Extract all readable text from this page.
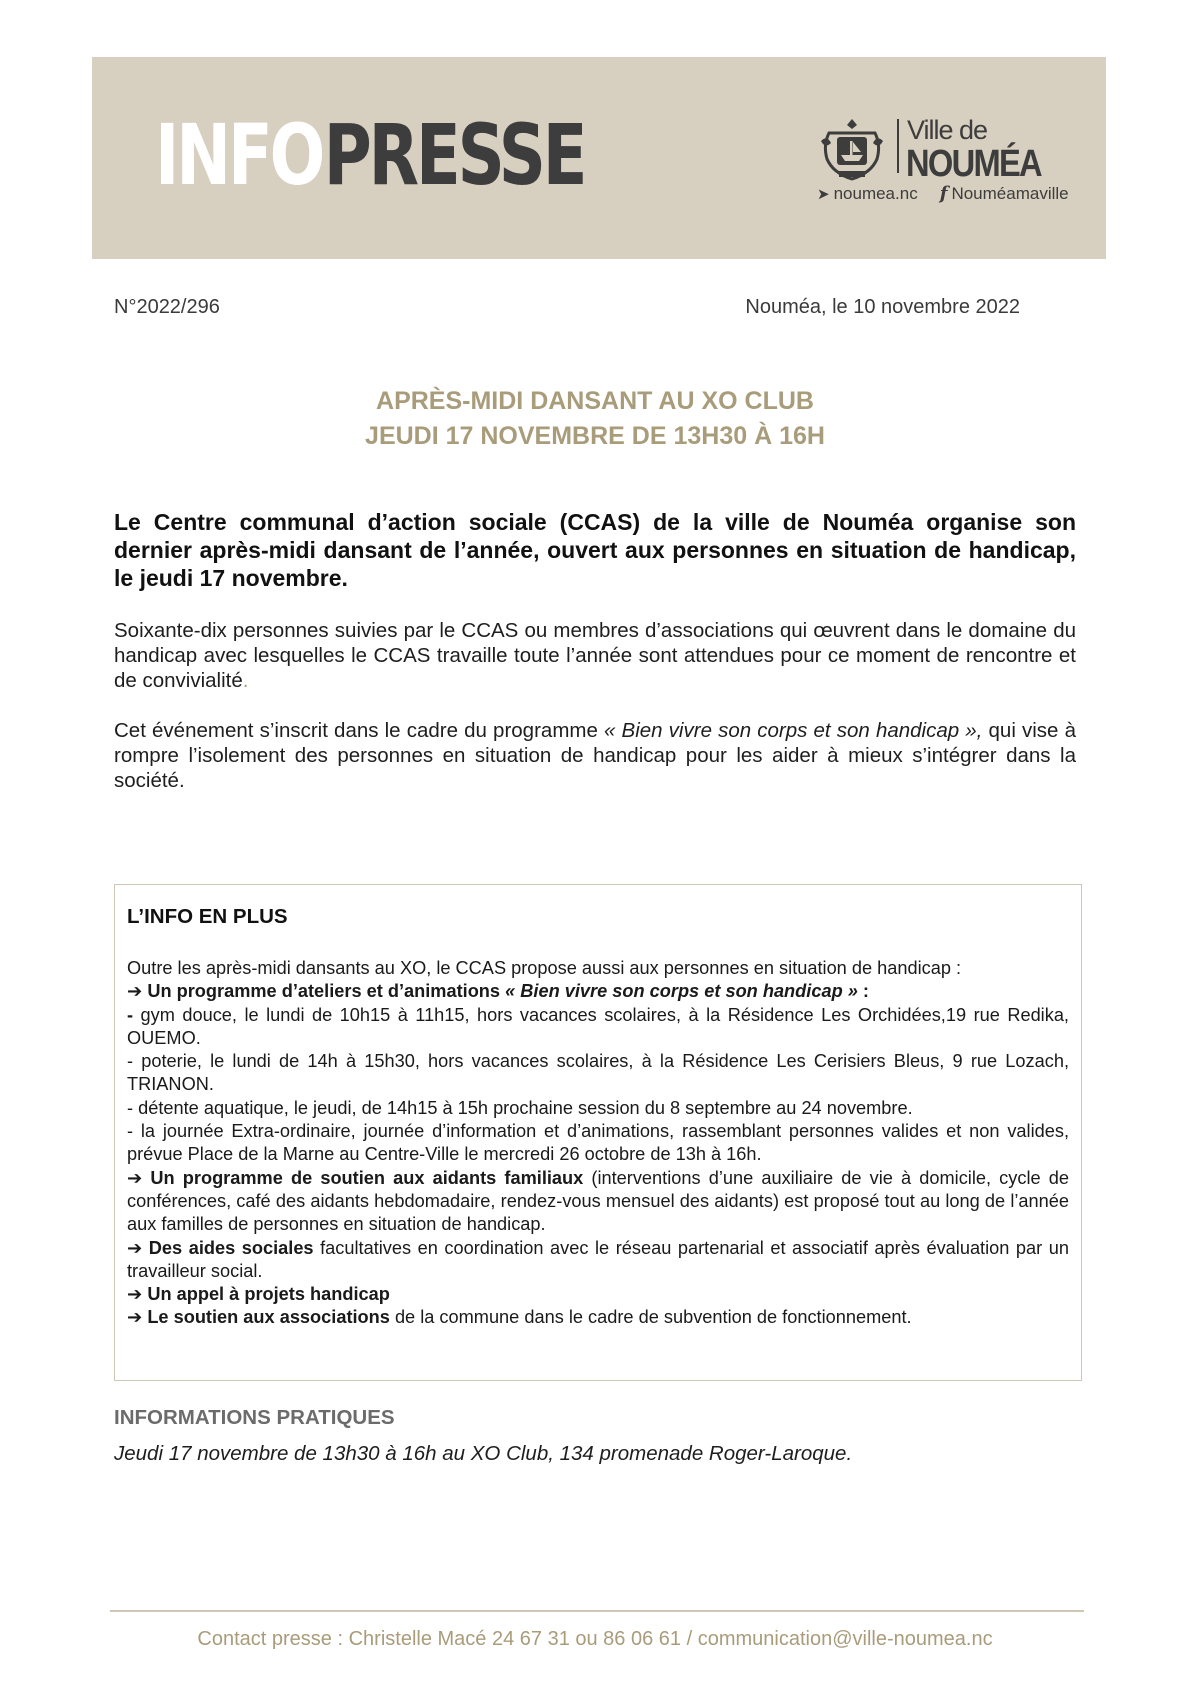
INFOPRESSE	Ville de
NOUMÉA
➤ noumea.nc f Nouméamaville
N°2022/296	Nouméa, le 10 novembre 2022
APRÈS-MIDI DANSANT AU XO CLUB
JEUDI 17 NOVEMBRE DE 13H30 À 16H
Le Centre communal d’action sociale (CCAS) de la ville de Nouméa organise son dernier après-midi dansant de l’année, ouvert aux personnes en situation de handicap, le jeudi 17 novembre.
Soixante-dix personnes suivies par le CCAS ou membres d’associations qui œuvrent dans le domaine du handicap avec lesquelles le CCAS travaille toute l’année sont attendues pour ce moment de rencontre et de convivialité.
Cet événement s’inscrit dans le cadre du programme « Bien vivre son corps et son handicap », qui vise à rompre l’isolement des personnes en situation de handicap pour les aider à mieux s’intégrer dans la société.
L’INFO EN PLUS
Outre les après-midi dansants au XO, le CCAS propose aussi aux personnes en situation de handicap :
➔ Un programme d’ateliers et d’animations « Bien vivre son corps et son handicap » :
- gym douce, le lundi de 10h15 à 11h15, hors vacances scolaires, à la Résidence Les Orchidées,19 rue Redika, OUEMO.
- poterie, le lundi de 14h à 15h30, hors vacances scolaires, à la Résidence Les Cerisiers Bleus, 9 rue Lozach, TRIANON.
- détente aquatique, le jeudi, de 14h15 à 15h prochaine session du 8 septembre au 24 novembre.
- la journée Extra-ordinaire, journée d’information et d’animations, rassemblant personnes valides et non valides, prévue Place de la Marne au Centre-Ville le mercredi 26 octobre de 13h à 16h.
➔ Un programme de soutien aux aidants familiaux (interventions d’une auxiliaire de vie à domicile, cycle de conférences, café des aidants hebdomadaire, rendez-vous mensuel des aidants) est proposé tout au long de l’année aux familles de personnes en situation de handicap.
➔ Des aides sociales facultatives en coordination avec le réseau partenarial et associatif après évaluation par un travailleur social.
➔ Un appel à projets handicap
➔ Le soutien aux associations de la commune dans le cadre de subvention de fonctionnement.
INFORMATIONS PRATIQUES
Jeudi 17 novembre de 13h30 à 16h au XO Club, 134 promenade Roger-Laroque.
Contact presse : Christelle Macé 24 67 31 ou 86 06 61 / communication@ville-noumea.nc
